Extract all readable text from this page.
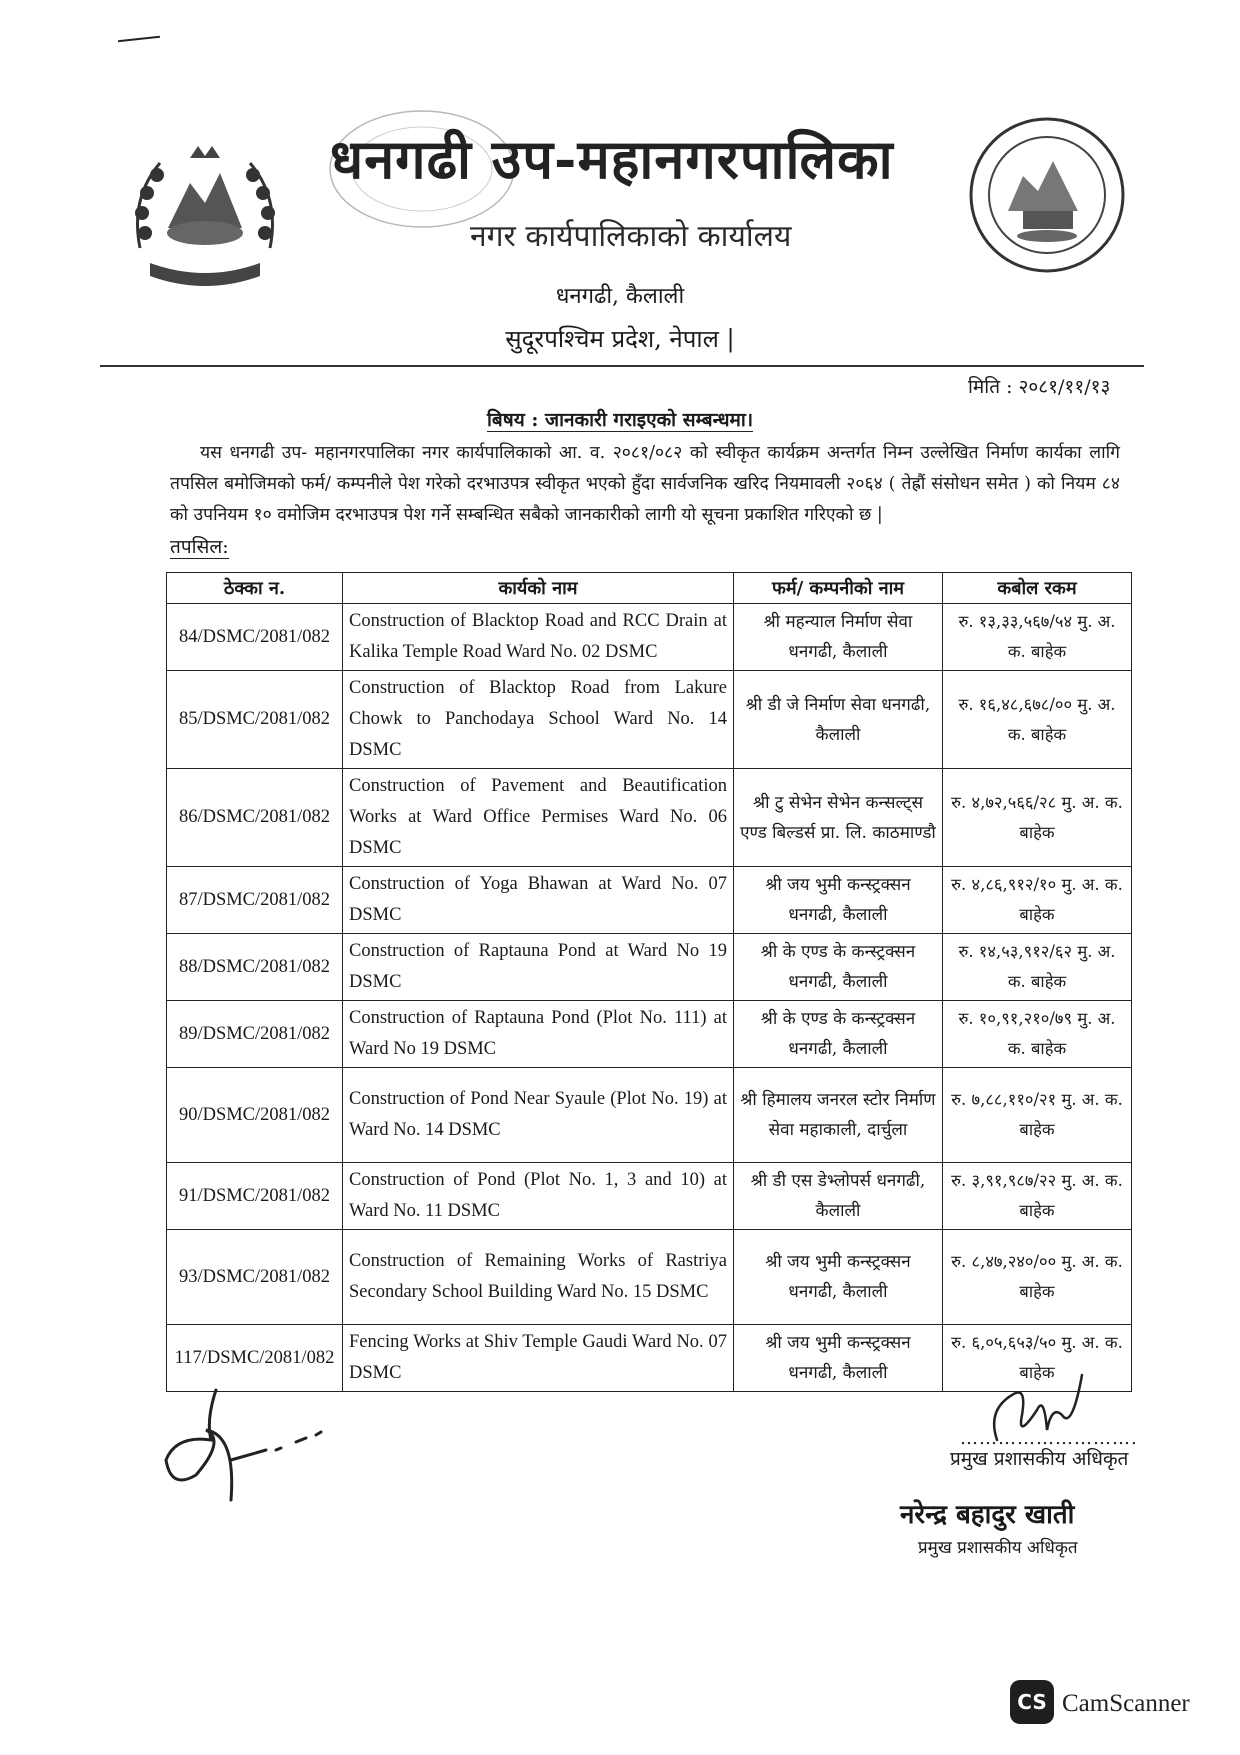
धनगढी उप-महानगरपालिका
नगर कार्यपालिकाको कार्यालय
धनगढी, कैलाली
सुदूरपश्चिम प्रदेश, नेपाल |
मिति : २०८१/११/१३
बिषय : जानकारी गराइएको सम्बन्धमा।

यस धनगढी उप- महानगरपालिका नगर कार्यपालिकाको आ. व. २०८१/०८२ को स्वीकृत कार्यक्रम अन्तर्गत निम्न उल्लेखित निर्माण कार्यका लागि तपसिल बमोजिमको फर्म/ कम्पनीले पेश गरेको दरभाउपत्र स्वीकृत भएको हुँदा सार्वजनिक खरिद नियमावली २०६४ ( तेह्रौं संसोधन समेत ) को नियम ८४ को उपनियम १० वमोजिम दरभाउपत्र पेश गर्ने सम्बन्धित सबैको जानकारीको लागी यो सूचना प्रकाशित गरिएको छ |

तपसिल:
ठेक्का न.	कार्यको नाम	फर्म/ कम्पनीको नाम	कबोल रकम
84/DSMC/2081/082	Construction of Blacktop Road and RCC Drain at Kalika Temple Road Ward No. 02 DSMC	श्री महन्याल निर्माण सेवा धनगढी, कैलाली	रु. १३,३३,५६७/५४ मु. अ. क. बाहेक
85/DSMC/2081/082	Construction of Blacktop Road from Lakure Chowk to Panchodaya School Ward No. 14 DSMC	श्री डी जे निर्माण सेवा धनगढी, कैलाली	रु. १६,४८,६७८/०० मु. अ. क. बाहेक
86/DSMC/2081/082	Construction of Pavement and Beautification Works at Ward Office Permises Ward No. 06 DSMC	श्री टु सेभेन सेभेन कन्सल्ट्स एण्ड बिल्डर्स प्रा. लि. काठमाण्डौ	रु. ४,७२,५६६/२८ मु. अ. क. बाहेक
87/DSMC/2081/082	Construction of Yoga Bhawan at Ward No. 07 DSMC	श्री जय भुमी कन्स्ट्रक्सन धनगढी, कैलाली	रु. ४,८६,९१२/१० मु. अ. क. बाहेक
88/DSMC/2081/082	Construction of Raptauna Pond at Ward No 19 DSMC	श्री के एण्ड के कन्स्ट्रक्सन धनगढी, कैलाली	रु. १४,५३,९१२/६२ मु. अ. क. बाहेक
89/DSMC/2081/082	Construction of Raptauna Pond (Plot No. 111) at Ward No 19 DSMC	श्री के एण्ड के कन्स्ट्रक्सन धनगढी, कैलाली	रु. १०,९१,२१०/७९ मु. अ. क. बाहेक
90/DSMC/2081/082	Construction of Pond Near Syaule (Plot No. 19) at Ward No. 14 DSMC	श्री हिमालय जनरल स्टोर निर्माण सेवा महाकाली, दार्चुला	रु. ७,८८,११०/२१ मु. अ. क. बाहेक
91/DSMC/2081/082	Construction of Pond (Plot No. 1, 3 and 10) at Ward No. 11 DSMC	श्री डी एस डेभ्लोपर्स धनगढी, कैलाली	रु. ३,९१,९८७/२२ मु. अ. क. बाहेक
93/DSMC/2081/082	Construction of Remaining Works of Rastriya Secondary School Building Ward No. 15 DSMC	श्री जय भुमी कन्स्ट्रक्सन धनगढी, कैलाली	रु. ८,४७,२४०/०० मु. अ. क. बाहेक
117/DSMC/2081/082	Fencing Works at Shiv Temple Gaudi Ward No. 07 DSMC	श्री जय भुमी कन्स्ट्रक्सन धनगढी, कैलाली	रु. ६,०५,६५३/५० मु. अ. क. बाहेक
……………………….
प्रमुख प्रशासकीय अधिकृत
नरेन्द्र बहादुर खाती
प्रमुख प्रशासकीय अधिकृत
CS CamScanner
